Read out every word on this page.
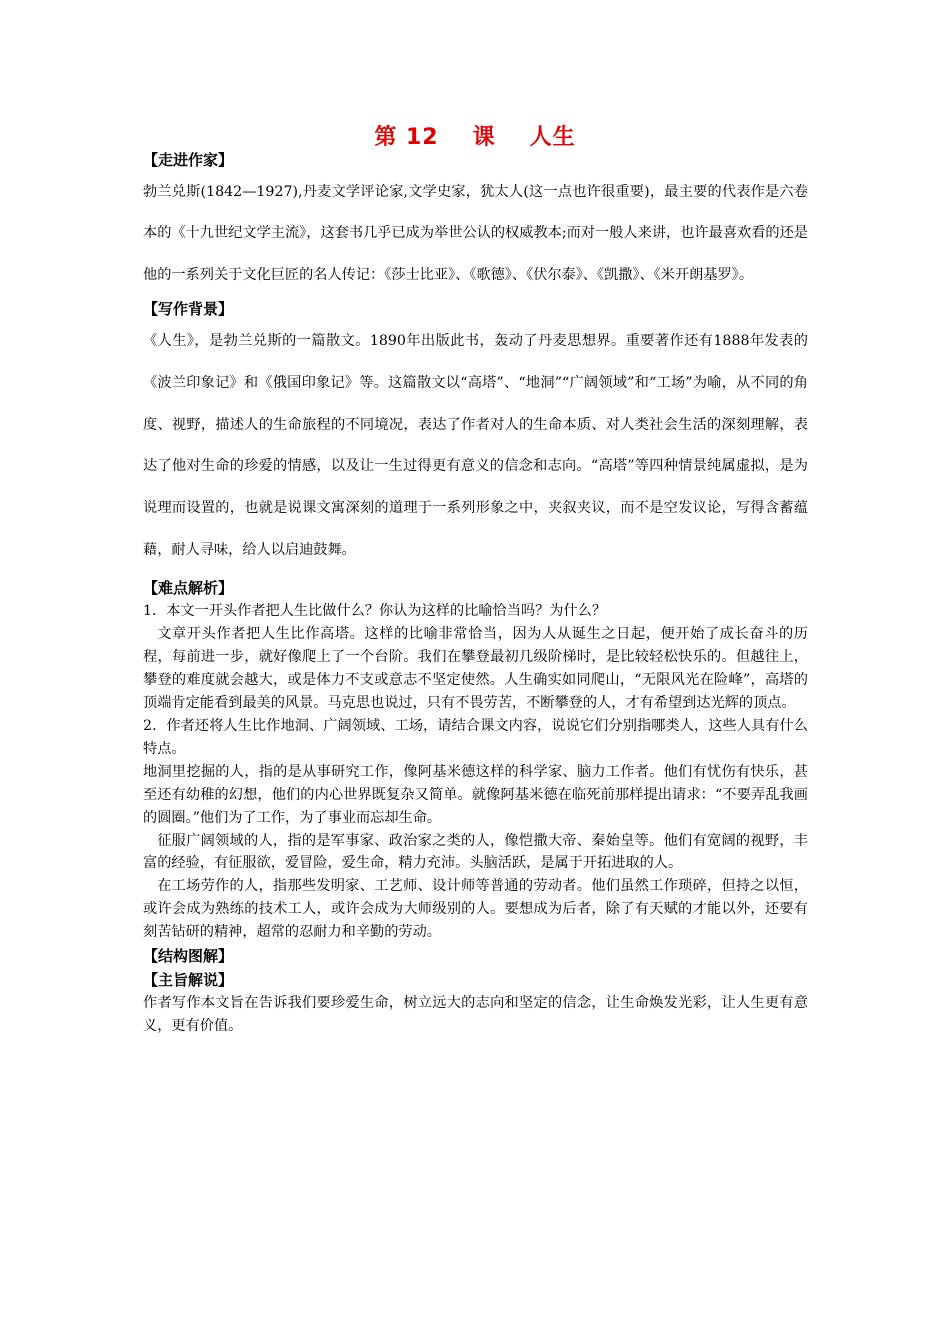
第 12 课 人生
【走进作家】

勃兰兑斯(1842—1927),丹麦文学评论家,文学史家，犹太人(这一点也许很重要)，最主要的代表作是六卷本的《十九世纪文学主流》，这套书几乎已成为举世公认的权威教本;而对一般人来讲，也许最喜欢看的还是他的一系列关于文化巨匠的名人传记：《莎士比亚》、《歌德》、《伏尔泰》、《凯撒》、《米开朗基罗》。

【写作背景】

《人生》，是勃兰兑斯的一篇散文。1890年出版此书，轰动了丹麦思想界。重要著作还有1888年发表的《波兰印象记》和《俄国印象记》等。这篇散文以“高塔”、“地洞”“广阔领域”和“工场”为喻，从不同的角度、视野，描述人的生命旅程的不同境况，表达了作者对人的生命本质、对人类社会生活的深刻理解，表达了他对生命的珍爱的情感，以及让一生过得更有意义的信念和志向。“高塔”等四种情景纯属虚拟，是为说理而设置的，也就是说课文寓深刻的道理于一系列形象之中，夹叙夹议，而不是空发议论，写得含蓄蕴藉，耐人寻味，给人以启迪鼓舞。

【难点解析】

1．本文一开头作者把人生比做什么？你认为这样的比喻恰当吗？为什么？

文章开头作者把人生比作高塔。这样的比喻非常恰当，因为人从诞生之日起，便开始了成长奋斗的历程，每前进一步，就好像爬上了一个台阶。我们在攀登最初几级阶梯时，是比较轻松快乐的。但越往上，攀登的难度就会越大，或是体力不支或意志不坚定使然。人生确实如同爬山，“无限风光在险峰”，高塔的顶端肯定能看到最美的风景。马克思也说过，只有不畏劳苦，不断攀登的人，才有希望到达光辉的顶点。

2．作者还将人生比作地洞、广阔领域、工场，请结合课文内容，说说它们分别指哪类人，这些人具有什么特点。

地洞里挖掘的人，指的是从事研究工作，像阿基米德这样的科学家、脑力工作者。他们有忧伤有快乐，甚至还有幼稚的幻想，他们的内心世界既复杂又简单。就像阿基米德在临死前那样提出请求：“不要弄乱我画的圆圈。”他们为了工作，为了事业而忘却生命。

征服广阔领域的人，指的是军事家、政治家之类的人，像恺撒大帝、秦始皇等。他们有宽阔的视野，丰富的经验，有征服欲，爱冒险，爱生命，精力充沛。头脑活跃，是属于开拓进取的人。

在工场劳作的人，指那些发明家、工艺师、设计师等普通的劳动者。他们虽然工作琐碎，但持之以恒，或许会成为熟练的技术工人，或许会成为大师级别的人。要想成为后者，除了有天赋的才能以外，还要有刻苦钻研的精神，超常的忍耐力和辛勤的劳动。

【结构图解】
【主旨解说】

作者写作本文旨在告诉我们要珍爱生命，树立远大的志向和坚定的信念，让生命焕发光彩，让人生更有意义，更有价值。
